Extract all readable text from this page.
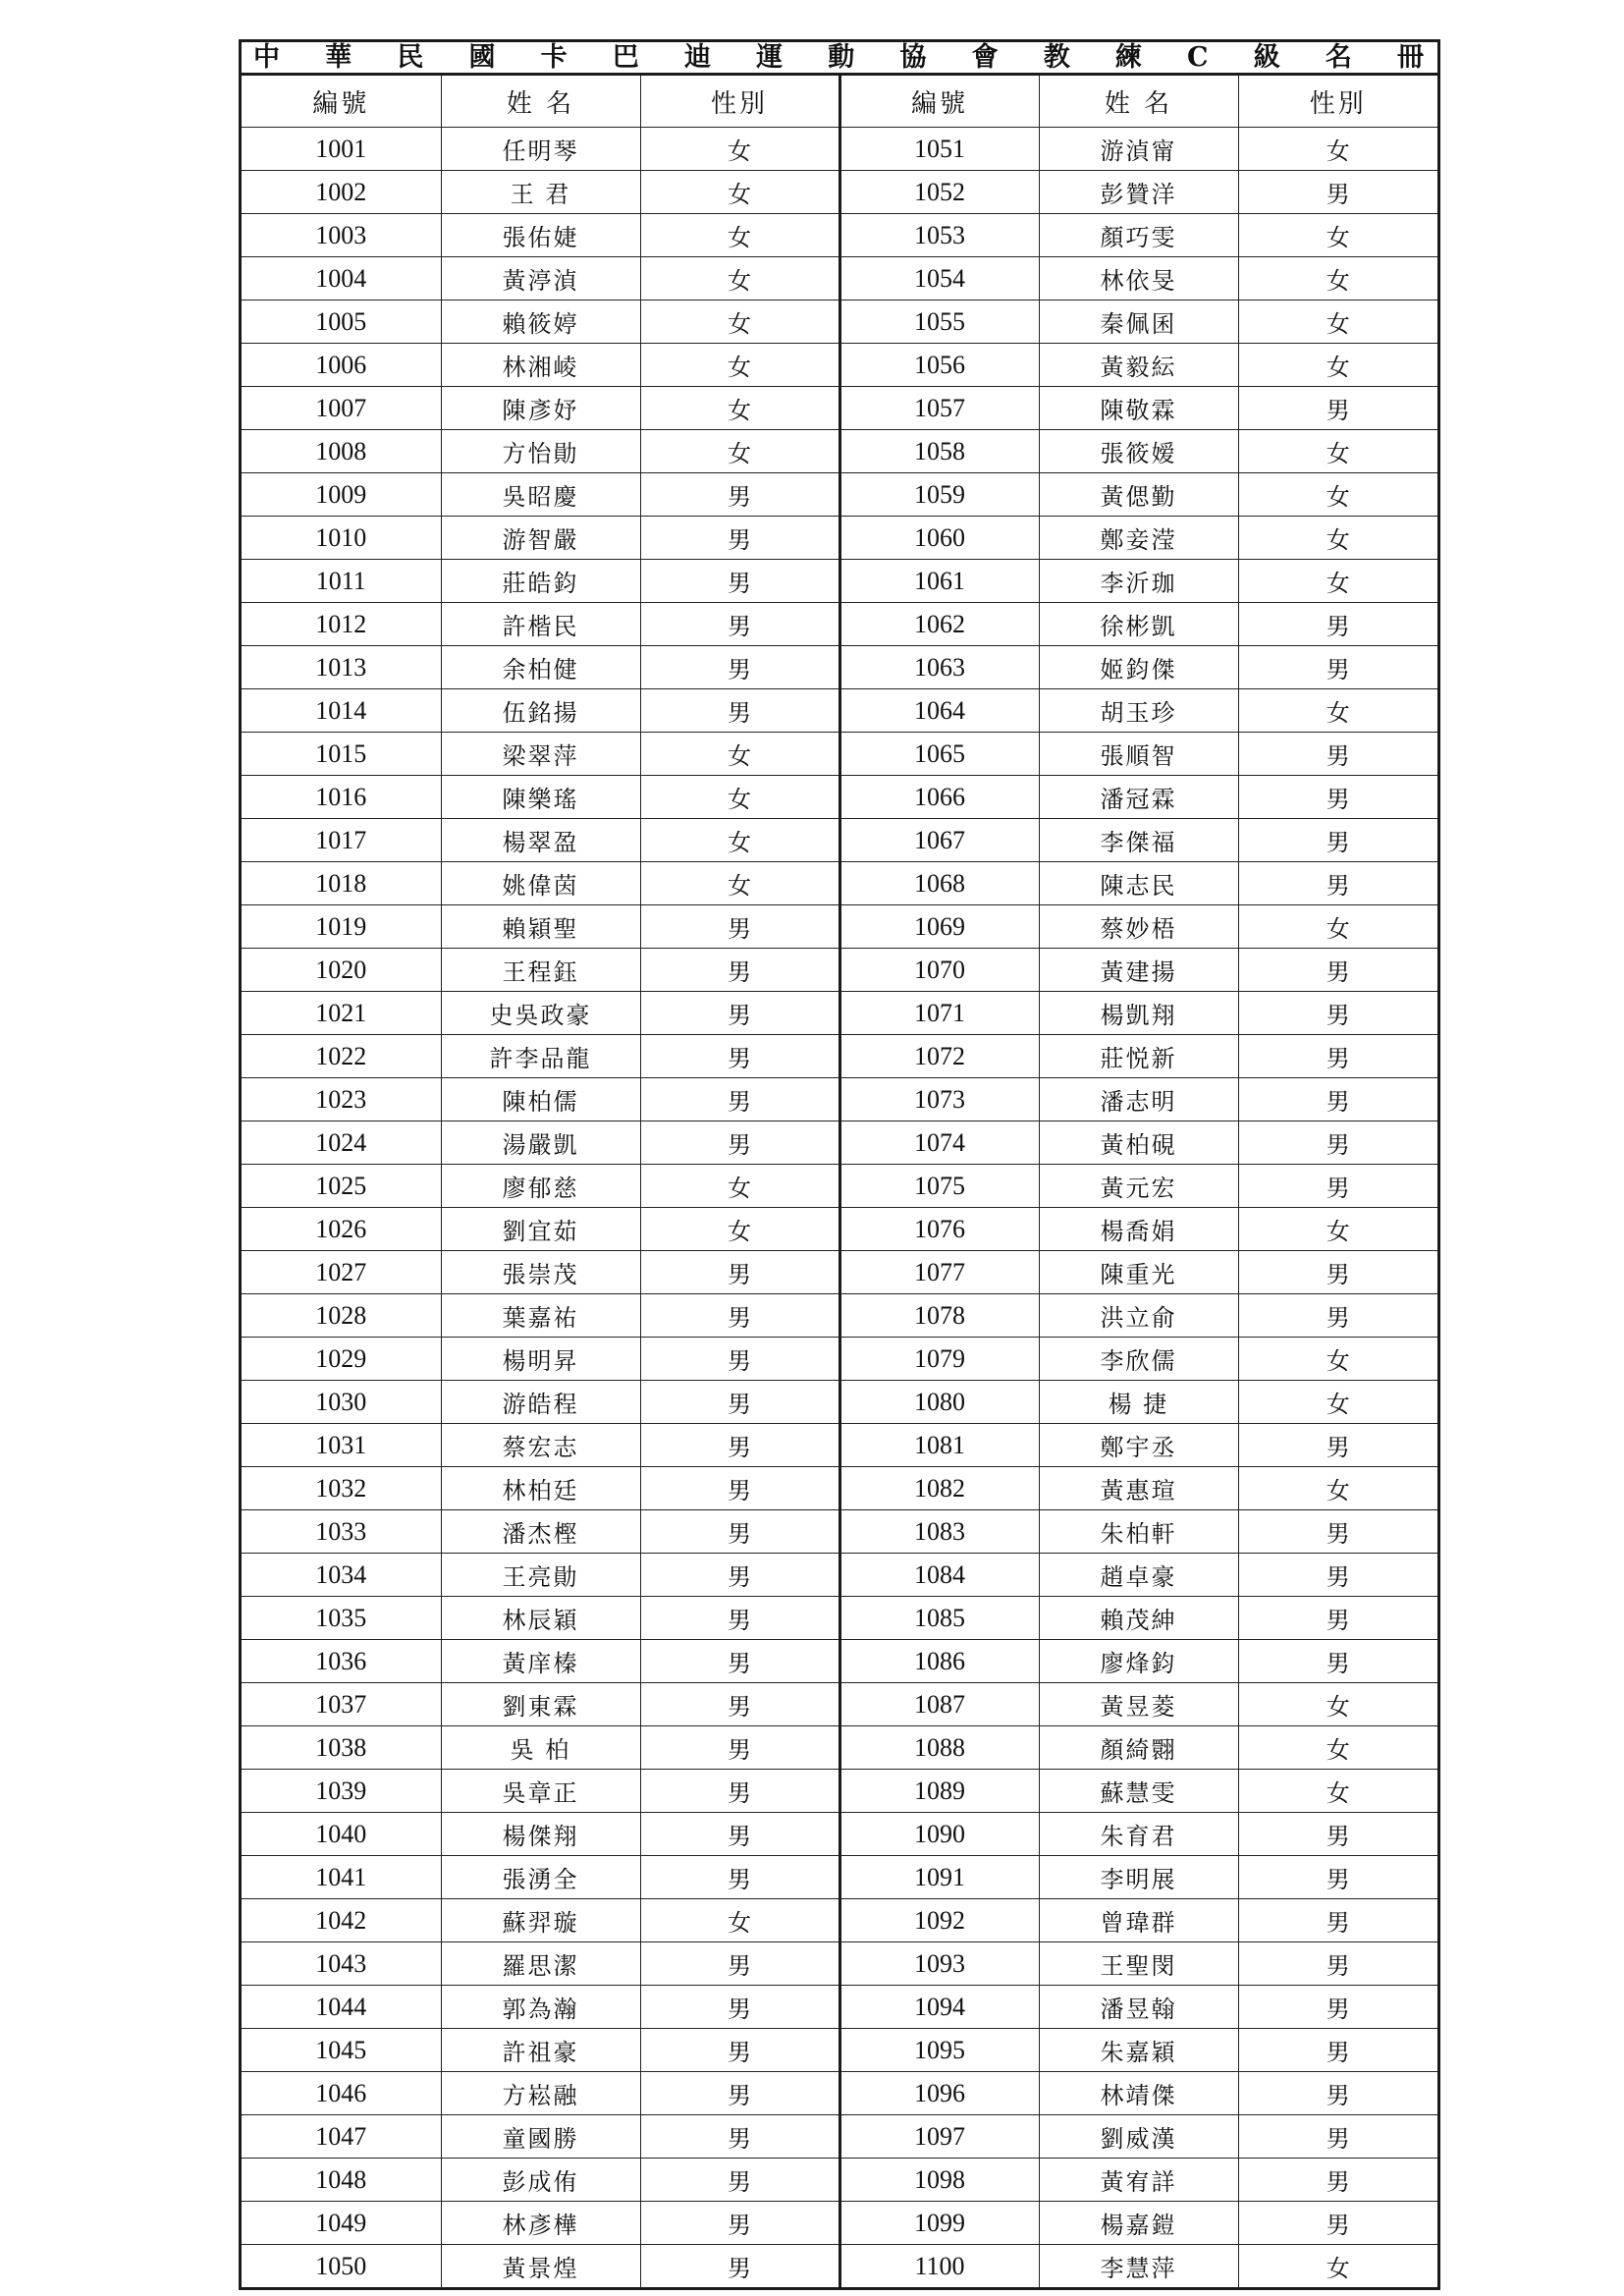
中 華 民 國 卡 巴 迪 運 動 協 會 教 練 C 級 名 冊
編號	姓 名	性別	編號	姓 名	性別
1001	任明琴	女	1051	游湞甯	女
1002	王 君	女	1052	彭贊洋	男
1003	張佑婕	女	1053	顏巧雯	女
1004	黃渟湞	女	1054	林依旻	女
1005	賴筱婷	女	1055	秦佩囷	女
1006	林湘崚	女	1056	黃毅紜	女
1007	陳彥妤	女	1057	陳敬霖	男
1008	方怡勛	女	1058	張筱嫒	女
1009	吳昭慶	男	1059	黃偲勤	女
1010	游智嚴	男	1060	鄭妾滢	女
1011	莊皓鈞	男	1061	李沂珈	女
1012	許楷民	男	1062	徐彬凱	男
1013	余柏健	男	1063	姬鈞傑	男
1014	伍銘揚	男	1064	胡玉珍	女
1015	梁翠萍	女	1065	張順智	男
1016	陳樂瑤	女	1066	潘冠霖	男
1017	楊翠盈	女	1067	李傑福	男
1018	姚偉茵	女	1068	陳志民	男
1019	賴穎聖	男	1069	蔡妙梧	女
1020	王程鈺	男	1070	黃建揚	男
1021	史吳政豪	男	1071	楊凱翔	男
1022	許李品龍	男	1072	莊悦新	男
1023	陳柏儒	男	1073	潘志明	男
1024	湯嚴凱	男	1074	黃柏硯	男
1025	廖郁慈	女	1075	黃元宏	男
1026	劉宜茹	女	1076	楊喬娟	女
1027	張崇茂	男	1077	陳重光	男
1028	葉嘉祐	男	1078	洪立俞	男
1029	楊明昇	男	1079	李欣儒	女
1030	游皓程	男	1080	楊 捷	女
1031	蔡宏志	男	1081	鄭宇丞	男
1032	林柏廷	男	1082	黃惠瑄	女
1033	潘杰樫	男	1083	朱柏軒	男
1034	王亮勛	男	1084	趙卓豪	男
1035	林辰穎	男	1085	賴茂紳	男
1036	黃庠榛	男	1086	廖烽鈞	男
1037	劉東霖	男	1087	黃昱菱	女
1038	吳 柏	男	1088	顏綺翾	女
1039	吳章正	男	1089	蘇慧雯	女
1040	楊傑翔	男	1090	朱育君	男
1041	張湧全	男	1091	李明展	男
1042	蘇羿璇	女	1092	曾瑋群	男
1043	羅思潔	男	1093	王聖閔	男
1044	郭為瀚	男	1094	潘昱翰	男
1045	許祖豪	男	1095	朱嘉穎	男
1046	方崧融	男	1096	林靖傑	男
1047	童國勝	男	1097	劉威漢	男
1048	彭成侑	男	1098	黃宥詳	男
1049	林彥樺	男	1099	楊嘉鎧	男
1050	黃景煌	男	1100	李慧萍	女
